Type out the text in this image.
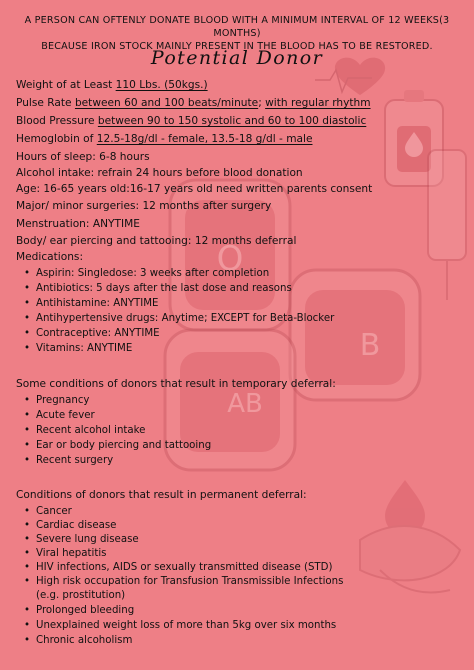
O
B
AB
A PERSON CAN OFTENLY DONATE BLOOD WITH A MINIMUM INTERVAL OF 12 WEEKS(3 MONTHS)
BECAUSE IRON STOCK MAINLY PRESENT IN THE BLOOD HAS TO BE RESTORED.
Potential Donor
Weight of at Least 110 Lbs. (50kgs.)
Pulse Rate between 60 and 100 beats/minute; with regular rhythm
Blood Pressure between 90 to 150 systolic and 60 to 100 diastolic
Hemoglobin of 12.5-18g/dl - female, 13.5-18 g/dl - male
Hours of sleep: 6-8 hours
Alcohol intake: refrain 24 hours before blood donation
Age: 16-65 years old:16-17 years old need written parents consent
Major/ minor surgeries: 12 months after surgery
Menstruation: ANYTIME
Body/ ear piercing and tattooing: 12 months deferral
Medications:
• Aspirin: Singledose: 3 weeks after completion
• Antibiotics: 5 days after the last dose and reasons
• Antihistamine: ANYTIME
• Antihypertensive drugs: Anytime; EXCEPT for Beta-Blocker
• Contraceptive: ANYTIME
• Vitamins: ANYTIME
Some conditions of donors that result in temporary deferral:
• Pregnancy
• Acute fever
• Recent alcohol intake
• Ear or body piercing and tattooing
• Recent surgery
Conditions of donors that result in permanent deferral:
• Cancer
• Cardiac disease
• Severe lung disease
• Viral hepatitis
• HIV infections, AIDS or sexually transmitted disease (STD)
• High risk occupation for Transfusion Transmissible Infections
(e.g. prostitution)
• Prolonged bleeding
• Unexplained weight loss of more than 5kg over six months
• Chronic alcoholism
